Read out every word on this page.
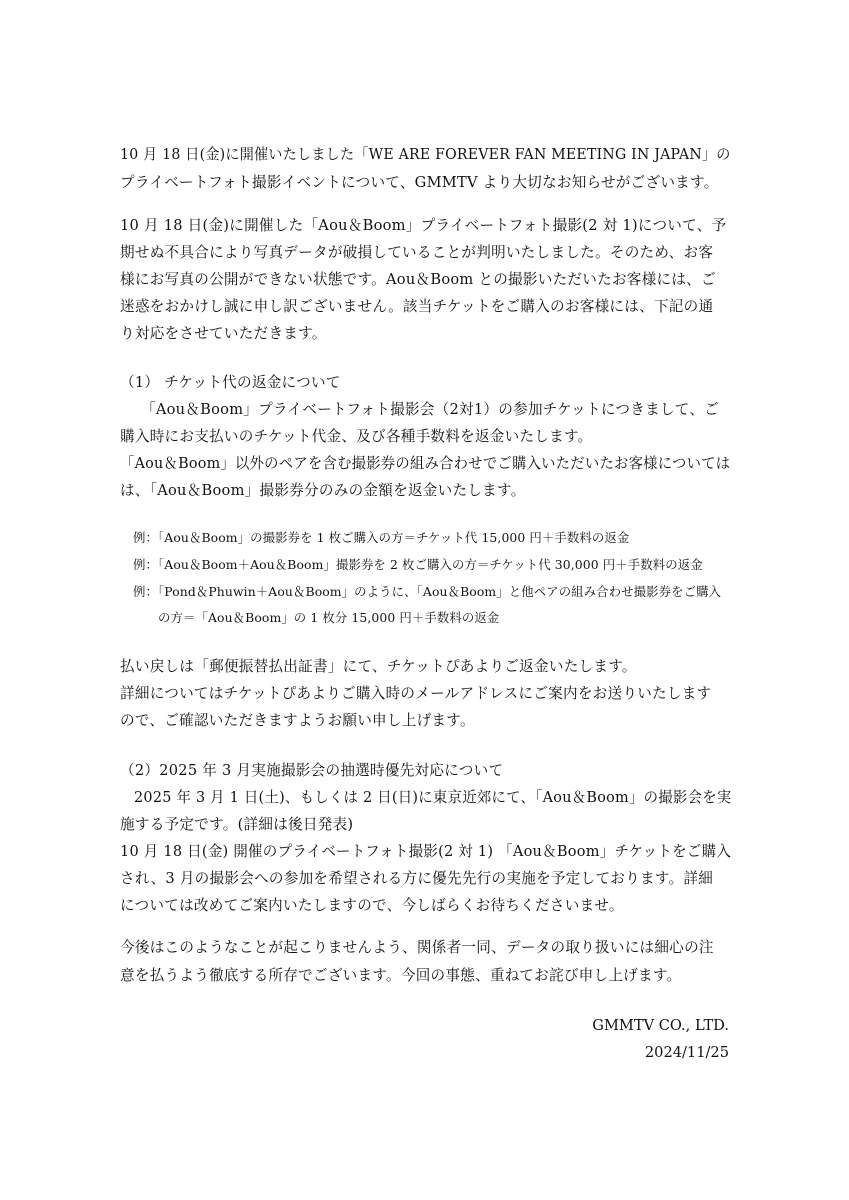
10 月 18 日(金)に開催いたしました「WE ARE FOREVER FAN MEETING IN JAPAN」の
プライベートフォト撮影イベントについて、GMMTV より大切なお知らせがございます。
10 月 18 日(金)に開催した「Aou＆Boom」プライベートフォト撮影(2 対 1)について、予
期せぬ不具合により写真データが破損していることが判明いたしました。そのため、お客
様にお写真の公開ができない状態です。Aou＆Boom との撮影いただいたお客様には、ご
迷惑をおかけし誠に申し訳ございません。該当チケットをご購入のお客様には、下記の通
り対応をさせていただきます。
（1） チケット代の返金について
「Aou＆Boom」プライベートフォト撮影会（2対1）の参加チケットにつきまして、ご
購入時にお支払いのチケット代金、及び各種手数料を返金いたします。
「Aou＆Boom」以外のペアを含む撮影券の組み合わせでご購入いただいたお客様については
は、「Aou＆Boom」撮影券分のみの金額を返金いたします。
例：「Aou＆Boom」の撮影券を 1 枚ご購入の方＝チケット代 15,000 円＋手数料の返金
例：「Aou＆Boom＋Aou＆Boom」撮影券を 2 枚ご購入の方＝チケット代 30,000 円＋手数料の返金
例：「Pond＆Phuwin＋Aou＆Boom」のように、「Aou＆Boom」と他ペアの組み合わせ撮影券をご購入
の方＝「Aou＆Boom」の 1 枚分 15,000 円＋手数料の返金
払い戻しは「郵便振替払出証書」にて、チケットぴあよりご返金いたします。
詳細についてはチケットぴあよりご購入時のメールアドレスにご案内をお送りいたします
ので、ご確認いただきますようお願い申し上げます。
（2）2025 年 3 月実施撮影会の抽選時優先対応について
2025 年 3 月 1 日(土)、もしくは 2 日(日)に東京近郊にて、「Aou＆Boom」の撮影会を実
施する予定です。(詳細は後日発表)
10 月 18 日(金) 開催のプライベートフォト撮影(2 対 1) 「Aou＆Boom」チケットをご購入
され、3 月の撮影会への参加を希望される方に優先先行の実施を予定しております。詳細
については改めてご案内いたしますので、今しばらくお待ちくださいませ。
今後はこのようなことが起こりませんよう、関係者一同、データの取り扱いには細心の注
意を払うよう徹底する所存でございます。今回の事態、重ねてお詫び申し上げます。
GMMTV CO., LTD.
2024/11/25
